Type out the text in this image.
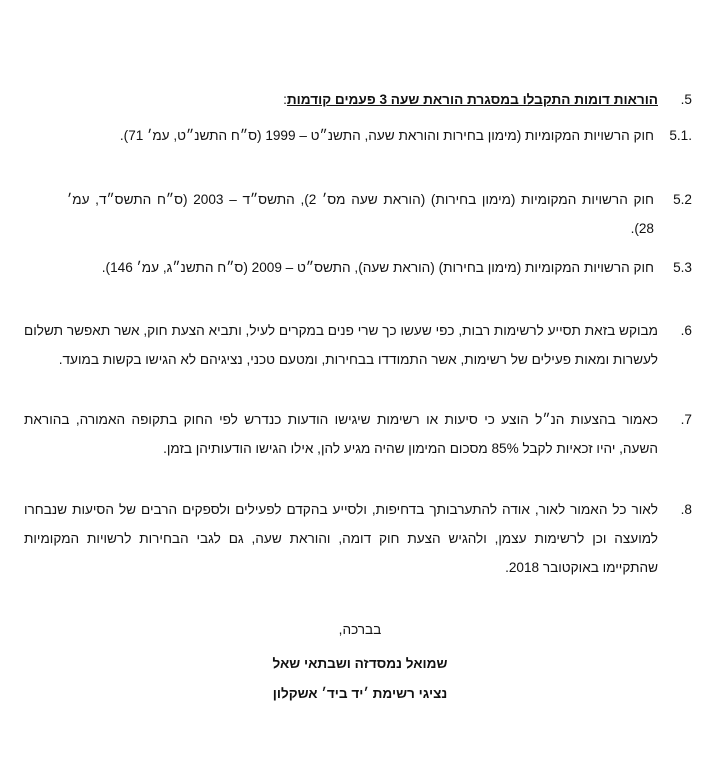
.5
הוראות דומות התקבלו במסגרת הוראת שעה 3 פעמים קודמות:
5.1.
חוק הרשויות המקומיות (מימון בחירות והוראת שעה, התשנ״ט – 1999 (ס״ח התשנ״ט, עמ׳ 71).
5.2
חוק הרשויות המקומיות (מימון בחירות) (הוראת שעה מס׳ 2), התשס״ד – 2003 (ס״ח התשס״ד, עמ׳ 28).
5.3
חוק הרשויות המקומיות (מימון בחירות) (הוראת שעה), התשס״ט – 2009 (ס״ח התשנ״ג, עמ׳ 146).
.6
מבוקש בזאת תסייע לרשימות רבות, כפי שעשו כך שרי פנים במקרים לעיל, ותביא הצעת חוק, אשר תאפשר תשלום לעשרות ומאות פעילים של רשימות, אשר התמודדו בבחירות, ומטעם טכני, נציגיהם לא הגישו בקשות במועד.
.7
כאמור בהצעות הנ״ל הוצע כי סיעות או רשימות שיגישו הודעות כנדרש לפי החוק בתקופה האמורה, בהוראת השעה, יהיו זכאיות לקבל 85% מסכום המימון שהיה מגיע להן, אילו הגישו הודעותיהן בזמן.
.8
לאור כל האמור לאור, אודה להתערבותך בדחיפות, ולסייע בהקדם לפעילים ולספקים הרבים של הסיעות שנבחרו למועצה וכן לרשימות עצמן, ולהגיש הצעת חוק דומה, והוראת שעה, גם לגבי הבחירות לרשויות המקומיות שהתקיימו באוקטובר 2018.
בברכה,
שמואל נמסדזה ושבתאי שאל
נציגי רשימת ׳יד ביד׳ אשקלון
